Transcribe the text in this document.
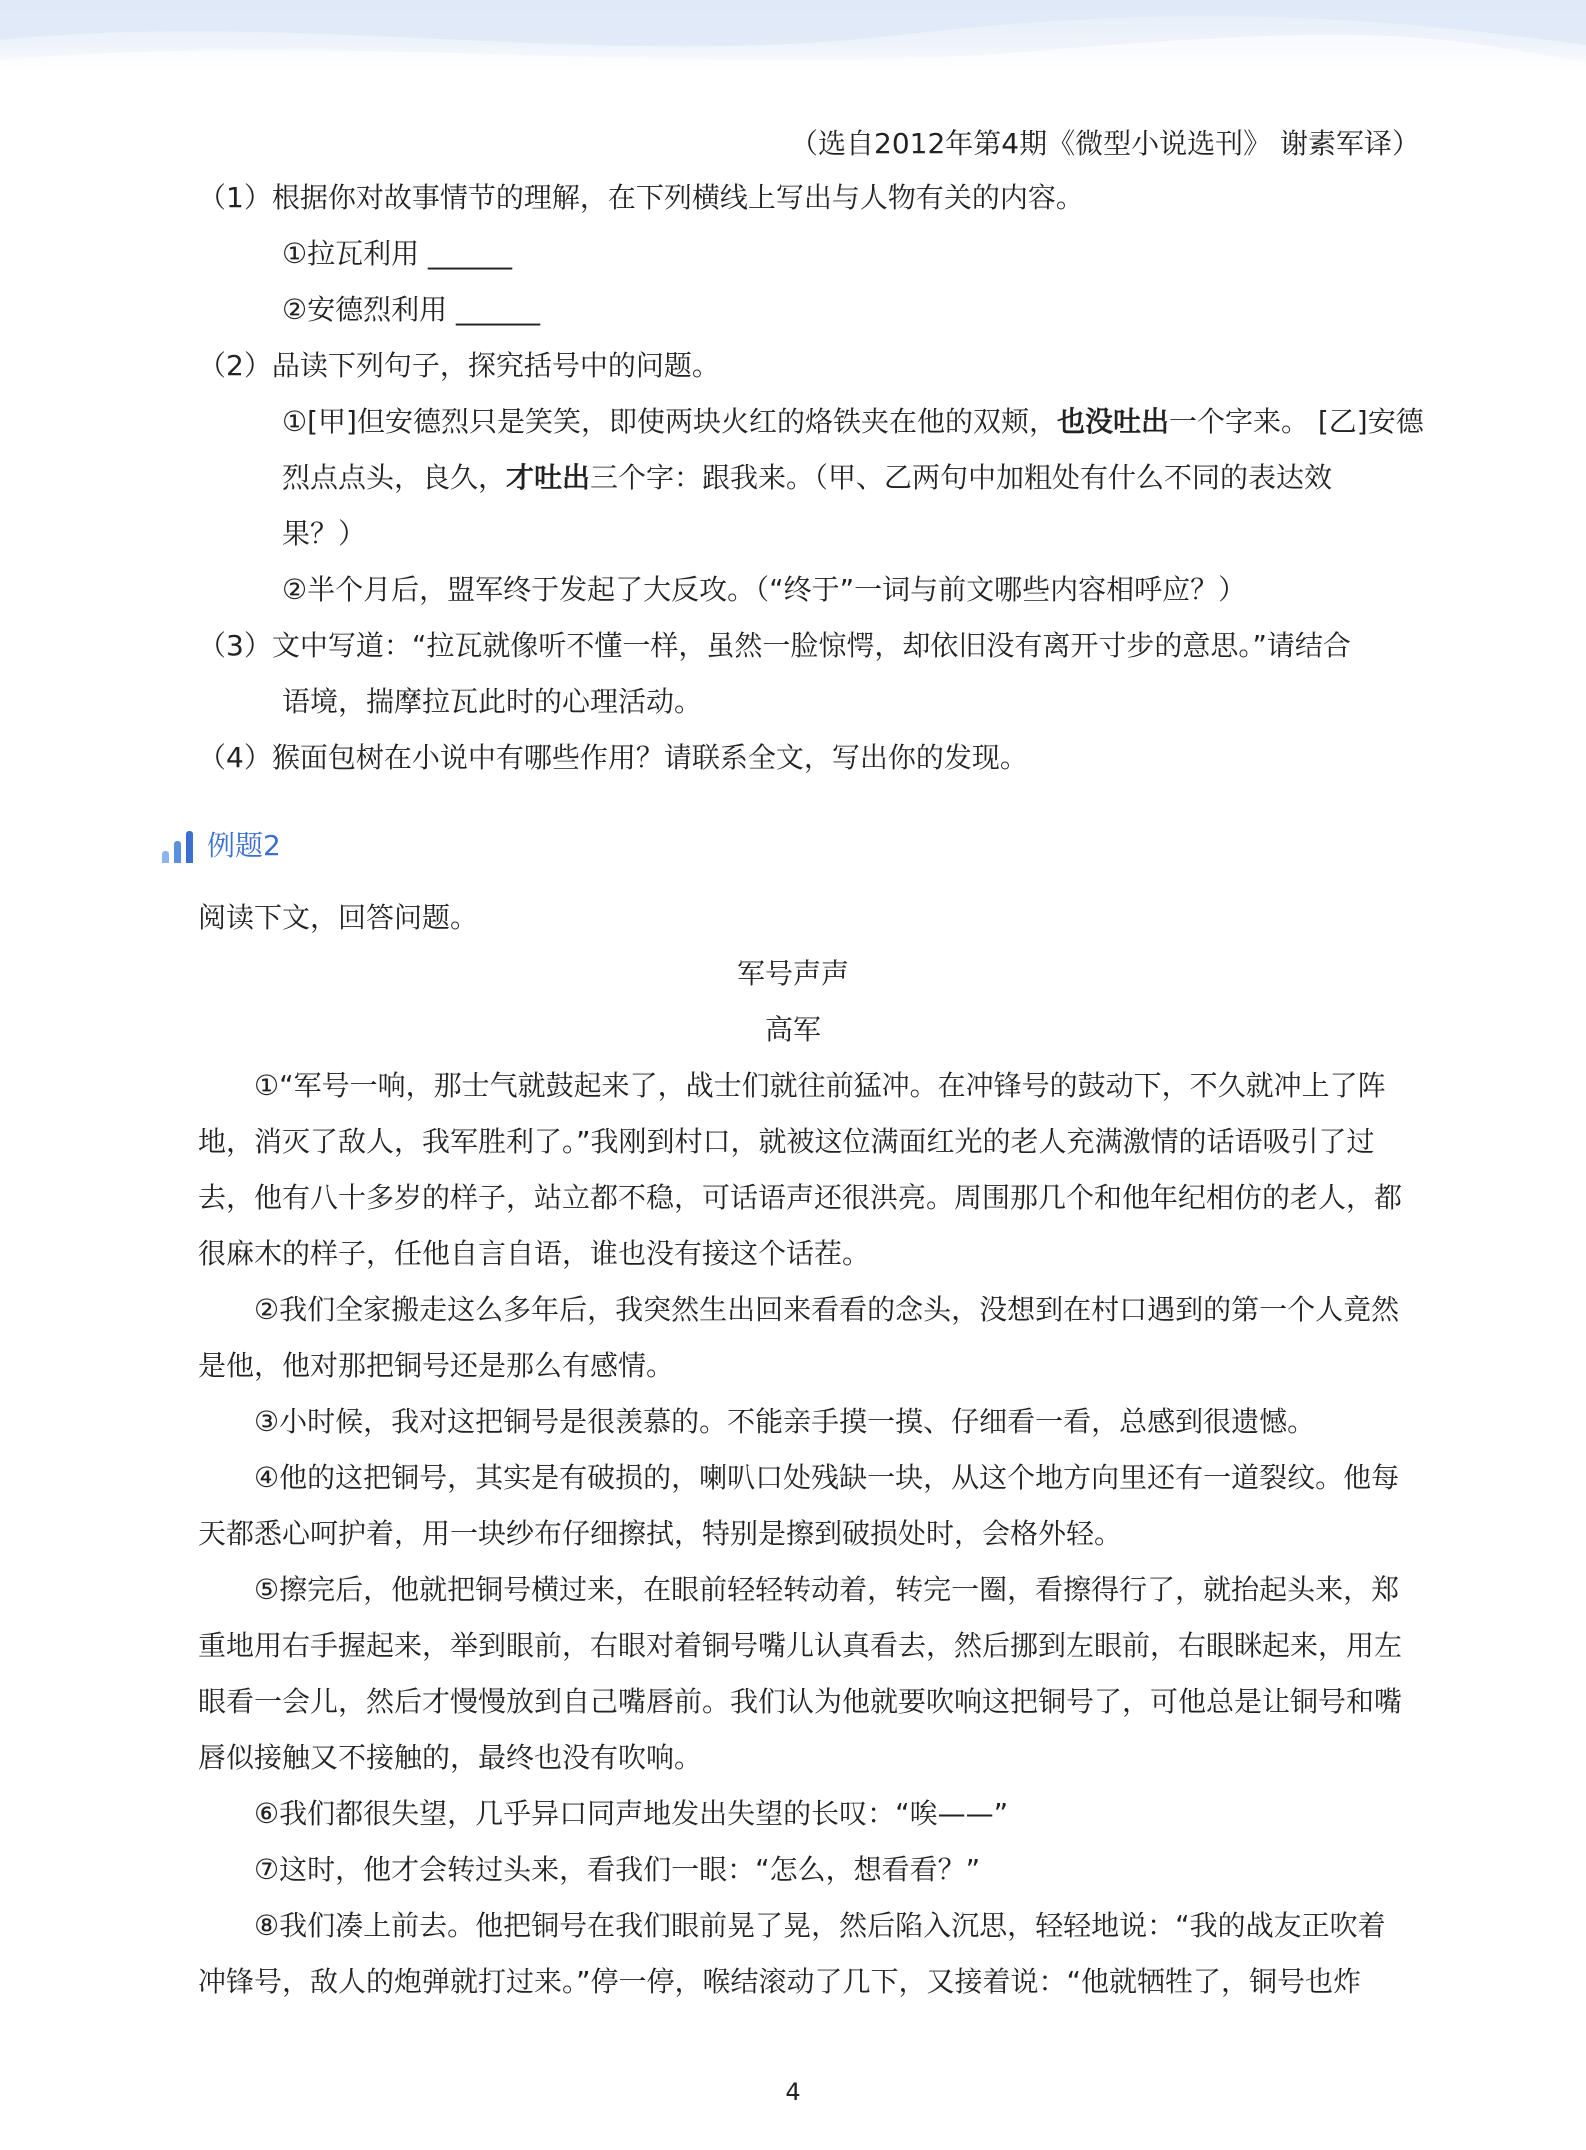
（选自2012年第4期《微型小说选刊》 谢素军译）
（1）根据你对故事情节的理解，在下列横线上写出与人物有关的内容。
①拉瓦利用 ______
②安德烈利用 ______
（2）品读下列句子，探究括号中的问题。
①[甲]但安德烈只是笑笑，即使两块火红的烙铁夹在他的双颊，也没吐出一个字来。 [乙]安德
烈点点头，良久，才吐出三个字：跟我来。（甲、乙两句中加粗处有什么不同的表达效
果？）
②半个月后，盟军终于发起了大反攻。（“终于”一词与前文哪些内容相呼应？）
（3）文中写道：“拉瓦就像听不懂一样，虽然一脸惊愕，却依旧没有离开寸步的意思。”请结合
语境，揣摩拉瓦此时的心理活动。
（4）猴面包树在小说中有哪些作用？请联系全文，写出你的发现。
例题2
阅读下文，回答问题。
军号声声
高军
①“军号一响，那士气就鼓起来了，战士们就往前猛冲。在冲锋号的鼓动下，不久就冲上了阵
地，消灭了敌人，我军胜利了。”我刚到村口，就被这位满面红光的老人充满激情的话语吸引了过
去，他有八十多岁的样子，站立都不稳，可话语声还很洪亮。周围那几个和他年纪相仿的老人，都
很麻木的样子，任他自言自语，谁也没有接这个话茬。
②我们全家搬走这么多年后，我突然生出回来看看的念头，没想到在村口遇到的第一个人竟然
是他，他对那把铜号还是那么有感情。
③小时候，我对这把铜号是很羡慕的。不能亲手摸一摸、仔细看一看，总感到很遗憾。
④他的这把铜号，其实是有破损的，喇叭口处残缺一块，从这个地方向里还有一道裂纹。他每
天都悉心呵护着，用一块纱布仔细擦拭，特别是擦到破损处时，会格外轻。
⑤擦完后，他就把铜号横过来，在眼前轻轻转动着，转完一圈，看擦得行了，就抬起头来，郑
重地用右手握起来，举到眼前，右眼对着铜号嘴儿认真看去，然后挪到左眼前，右眼眯起来，用左
眼看一会儿，然后才慢慢放到自己嘴唇前。我们认为他就要吹响这把铜号了，可他总是让铜号和嘴
唇似接触又不接触的，最终也没有吹响。
⑥我们都很失望，几乎异口同声地发出失望的长叹：“唉——”
⑦这时，他才会转过头来，看我们一眼：“怎么，想看看？”
⑧我们凑上前去。他把铜号在我们眼前晃了晃，然后陷入沉思，轻轻地说：“我的战友正吹着
冲锋号，敌人的炮弹就打过来。”停一停，喉结滚动了几下，又接着说：“他就牺牲了，铜号也炸
4
